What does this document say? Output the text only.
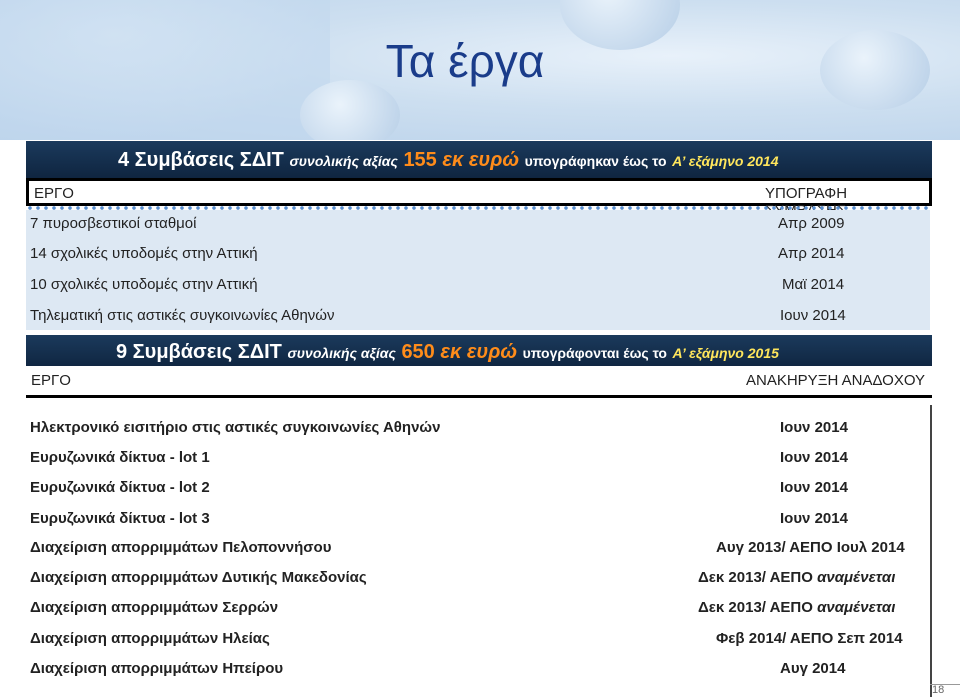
Τα έργα
4 Συμβάσεις ΣΔΙΤ συνολικής αξίας 155 εκ ευρώ υπογράφηκαν έως το Α’ εξάμηνο 2014
ΕΡΓΟ	ΥΠΟΓΡΑΦΗ
7 πυροσβεστικοί σταθμοί	Απρ 2009
14 σχολικές υποδομές στην Αττική	Απρ 2014
10 σχολικές υποδομές στην Αττική	Μαϊ 2014
Τηλεματική στις αστικές συγκοινωνίες Αθηνών	Ιουν 2014
9 Συμβάσεις ΣΔΙΤ συνολικής αξίας 650 εκ ευρώ υπογράφονται έως το Α’ εξάμηνο 2015
ΕΡΓΟ	ΑΝΑΚΗΡΥΞΗ ΑΝΑΔΟΧΟΥ
Ηλεκτρονικό εισιτήριο στις αστικές συγκοινωνίες Αθηνών	Ιουν 2014
Ευρυζωνικά δίκτυα - lot 1	Ιουν 2014
Ευρυζωνικά δίκτυα - lot 2	Ιουν 2014
Ευρυζωνικά δίκτυα - lot 3	Ιουν 2014
Διαχείριση απορριμμάτων Πελοποννήσου	Αυγ 2013/ ΑΕΠΟ Ιουλ 2014
Διαχείριση απορριμμάτων Δυτικής Μακεδονίας	Δεκ 2013/ ΑΕΠΟ αναμένεται
Διαχείριση απορριμμάτων Σερρών	Δεκ 2013/ ΑΕΠΟ αναμένεται
Διαχείριση απορριμμάτων Ηλείας	Φεβ 2014/ ΑΕΠΟ Σεπ 2014
Διαχείριση απορριμμάτων Ηπείρου	Αυγ 2014
18
